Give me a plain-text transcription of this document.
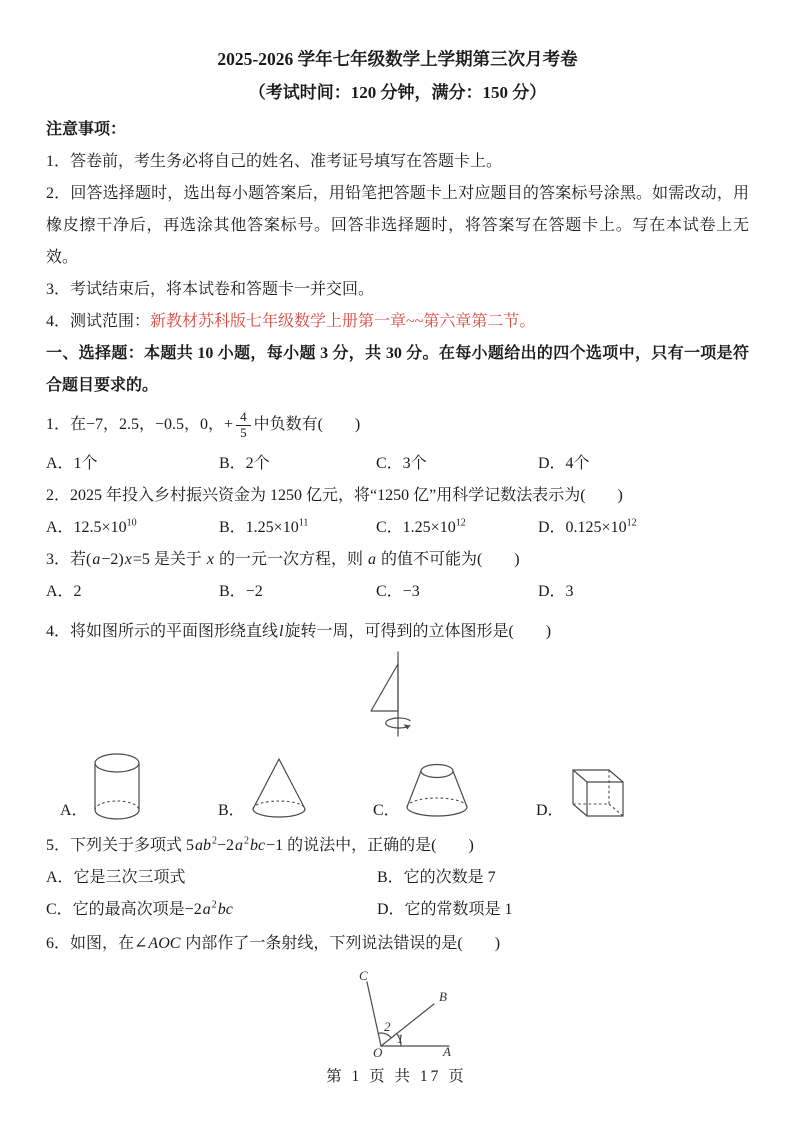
2025-2026 学年七年级数学上学期第三次月考卷

（考试时间：120 分钟，满分：150 分）

注意事项：

1．答卷前，考生务必将自己的姓名、准考证号填写在答题卡上。

2．回答选择题时，选出每小题答案后，用铅笔把答题卡上对应题目的答案标号涂黑。如需改动，用橡皮擦干净后，再选涂其他答案标号。回答非选择题时，将答案写在答题卡上。写在本试卷上无效。

3．考试结束后，将本试卷和答题卡一并交回。

4．测试范围：新教材苏科版七年级数学上册第一章~~第六章第二节。

一、选择题：本题共 10 小题，每小题 3 分，共 30 分。在每小题给出的四个选项中，只有一项是符合题目要求的。

1．在−7，2.5，−0.5，0，+ $\frac{4}{5}$ 中负数有(　　)

A．1个	B．2个	C．3个	D．4个

2．2025 年投入乡村振兴资金为 1250 亿元，将“1250 亿”用科学记数法表示为(　　)

A．$12.5\times 10^{10}$	B．$1.25\times 10^{11}$	C．$1.25\times 10^{12}$	D．$0.125\times 10^{12}$

3．若(a−2)x=5 是关于 x 的一元一次方程，则 a 的值不可能为(　　)

A．2	B．−2	C．−3	D．3

4．将如图所示的平面图形绕直线l旋转一周，可得到的立体图形是(　　)

A．	B．	C．	D．

5．下列关于多项式 $5ab^2-2a^2bc-1$ 的说法中，正确的是(　　)

A．它是三次三项式	B．它的次数是 7
C．它的最高次项是$-2a^2bc$	D．它的常数项是 1

6．如图，在∠AOC 内部作了一条射线，下列说法错误的是(　　)

C
B
O	A
1
2
第 1 页 共 17 页
